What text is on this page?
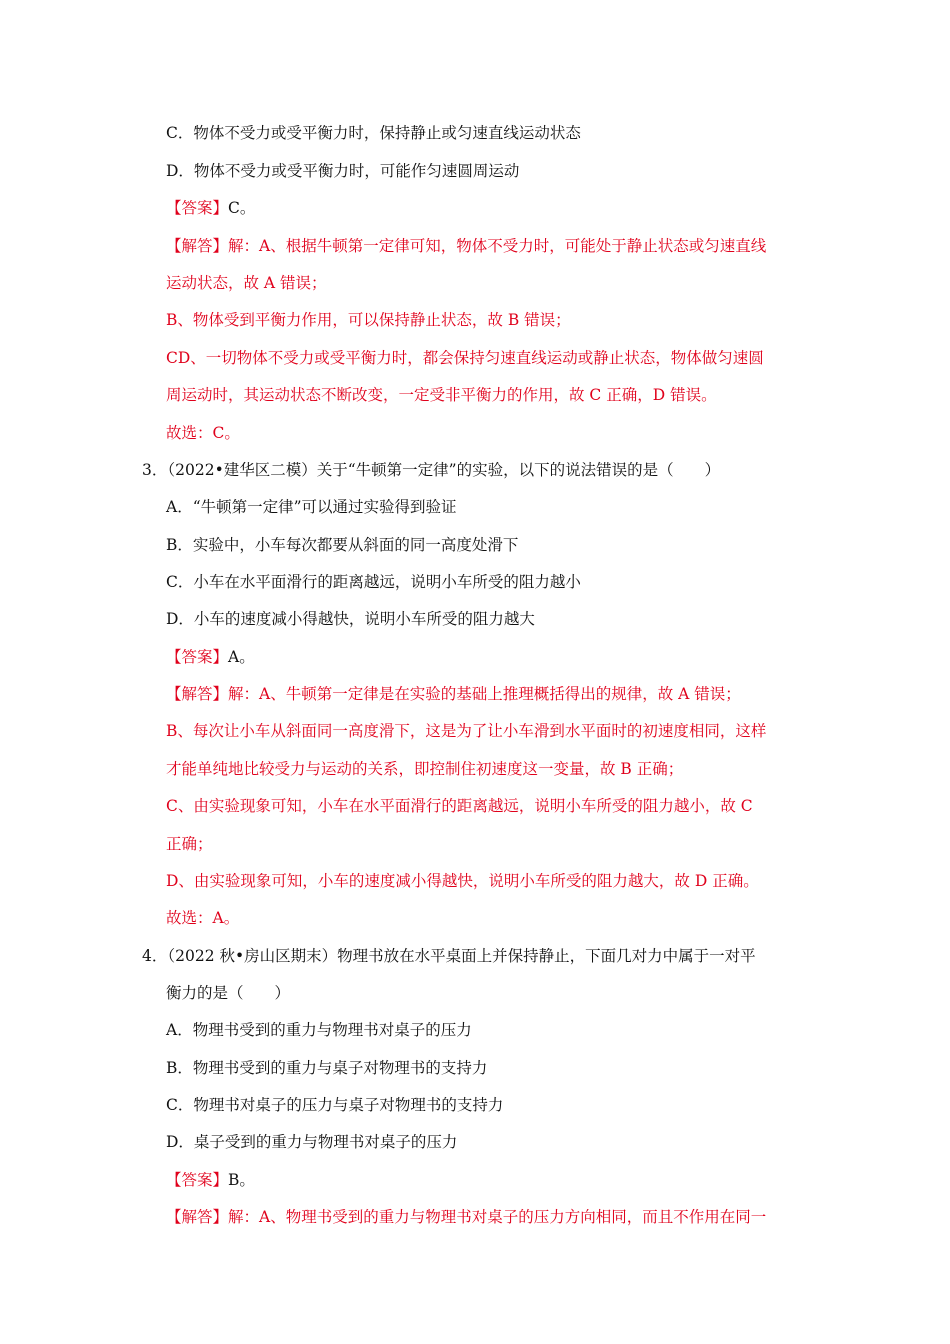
C．物体不受力或受平衡力时，保持静止或匀速直线运动状态
D．物体不受力或受平衡力时，可能作匀速圆周运动
【答案】C。
【解答】解：A、根据牛顿第一定律可知，物体不受力时，可能处于静止状态或匀速直线
运动状态，故 A 错误；
B、物体受到平衡力作用，可以保持静止状态，故 B 错误；
CD、一切物体不受力或受平衡力时，都会保持匀速直线运动或静止状态，物体做匀速圆
周运动时，其运动状态不断改变，一定受非平衡力的作用，故 C 正确，D 错误。
故选：C。
3．（2022•建华区二模）关于“牛顿第一定律”的实验，以下的说法错误的是（　　）
A．“牛顿第一定律”可以通过实验得到验证
B．实验中，小车每次都要从斜面的同一高度处滑下
C．小车在水平面滑行的距离越远，说明小车所受的阻力越小
D．小车的速度减小得越快，说明小车所受的阻力越大
【答案】A。
【解答】解：A、牛顿第一定律是在实验的基础上推理概括得出的规律，故 A 错误；
B、每次让小车从斜面同一高度滑下，这是为了让小车滑到水平面时的初速度相同，这样
才能单纯地比较受力与运动的关系，即控制住初速度这一变量，故 B 正确；
C、由实验现象可知，小车在水平面滑行的距离越远，说明小车所受的阻力越小，故 C
正确；
D、由实验现象可知，小车的速度减小得越快，说明小车所受的阻力越大，故 D 正确。
故选：A。
4．（2022 秋•房山区期末）物理书放在水平桌面上并保持静止，下面几对力中属于一对平
衡力的是（　　）
A．物理书受到的重力与物理书对桌子的压力
B．物理书受到的重力与桌子对物理书的支持力
C．物理书对桌子的压力与桌子对物理书的支持力
D．桌子受到的重力与物理书对桌子的压力
【答案】B。
【解答】解：A、物理书受到的重力与物理书对桌子的压力方向相同，而且不作用在同一
